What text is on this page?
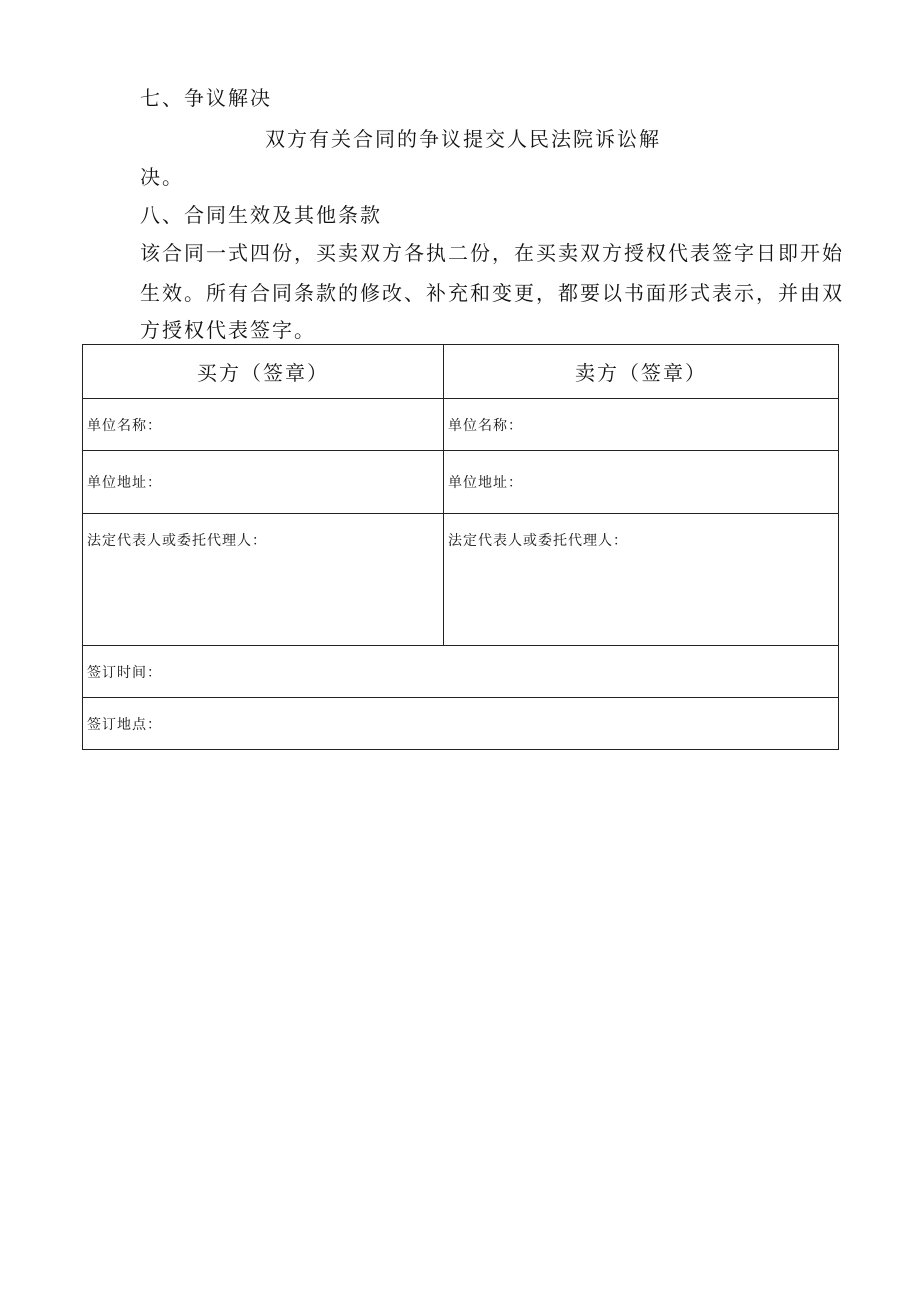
七、争议解决
双方有关合同的争议提交人民法院诉讼解
决。
八、合同生效及其他条款
该合同一式四份，买卖双方各执二份，在买卖双方授权代表签字日即开始
生效。所有合同条款的修改、补充和变更，都要以书面形式表示，并由双
方授权代表签字。
买方（签章）	卖方（签章）
单位名称：	单位名称：
单位地址：	单位地址：
法定代表人或委托代理人：	法定代表人或委托代理人：
签订时间：	
签订地点：	
